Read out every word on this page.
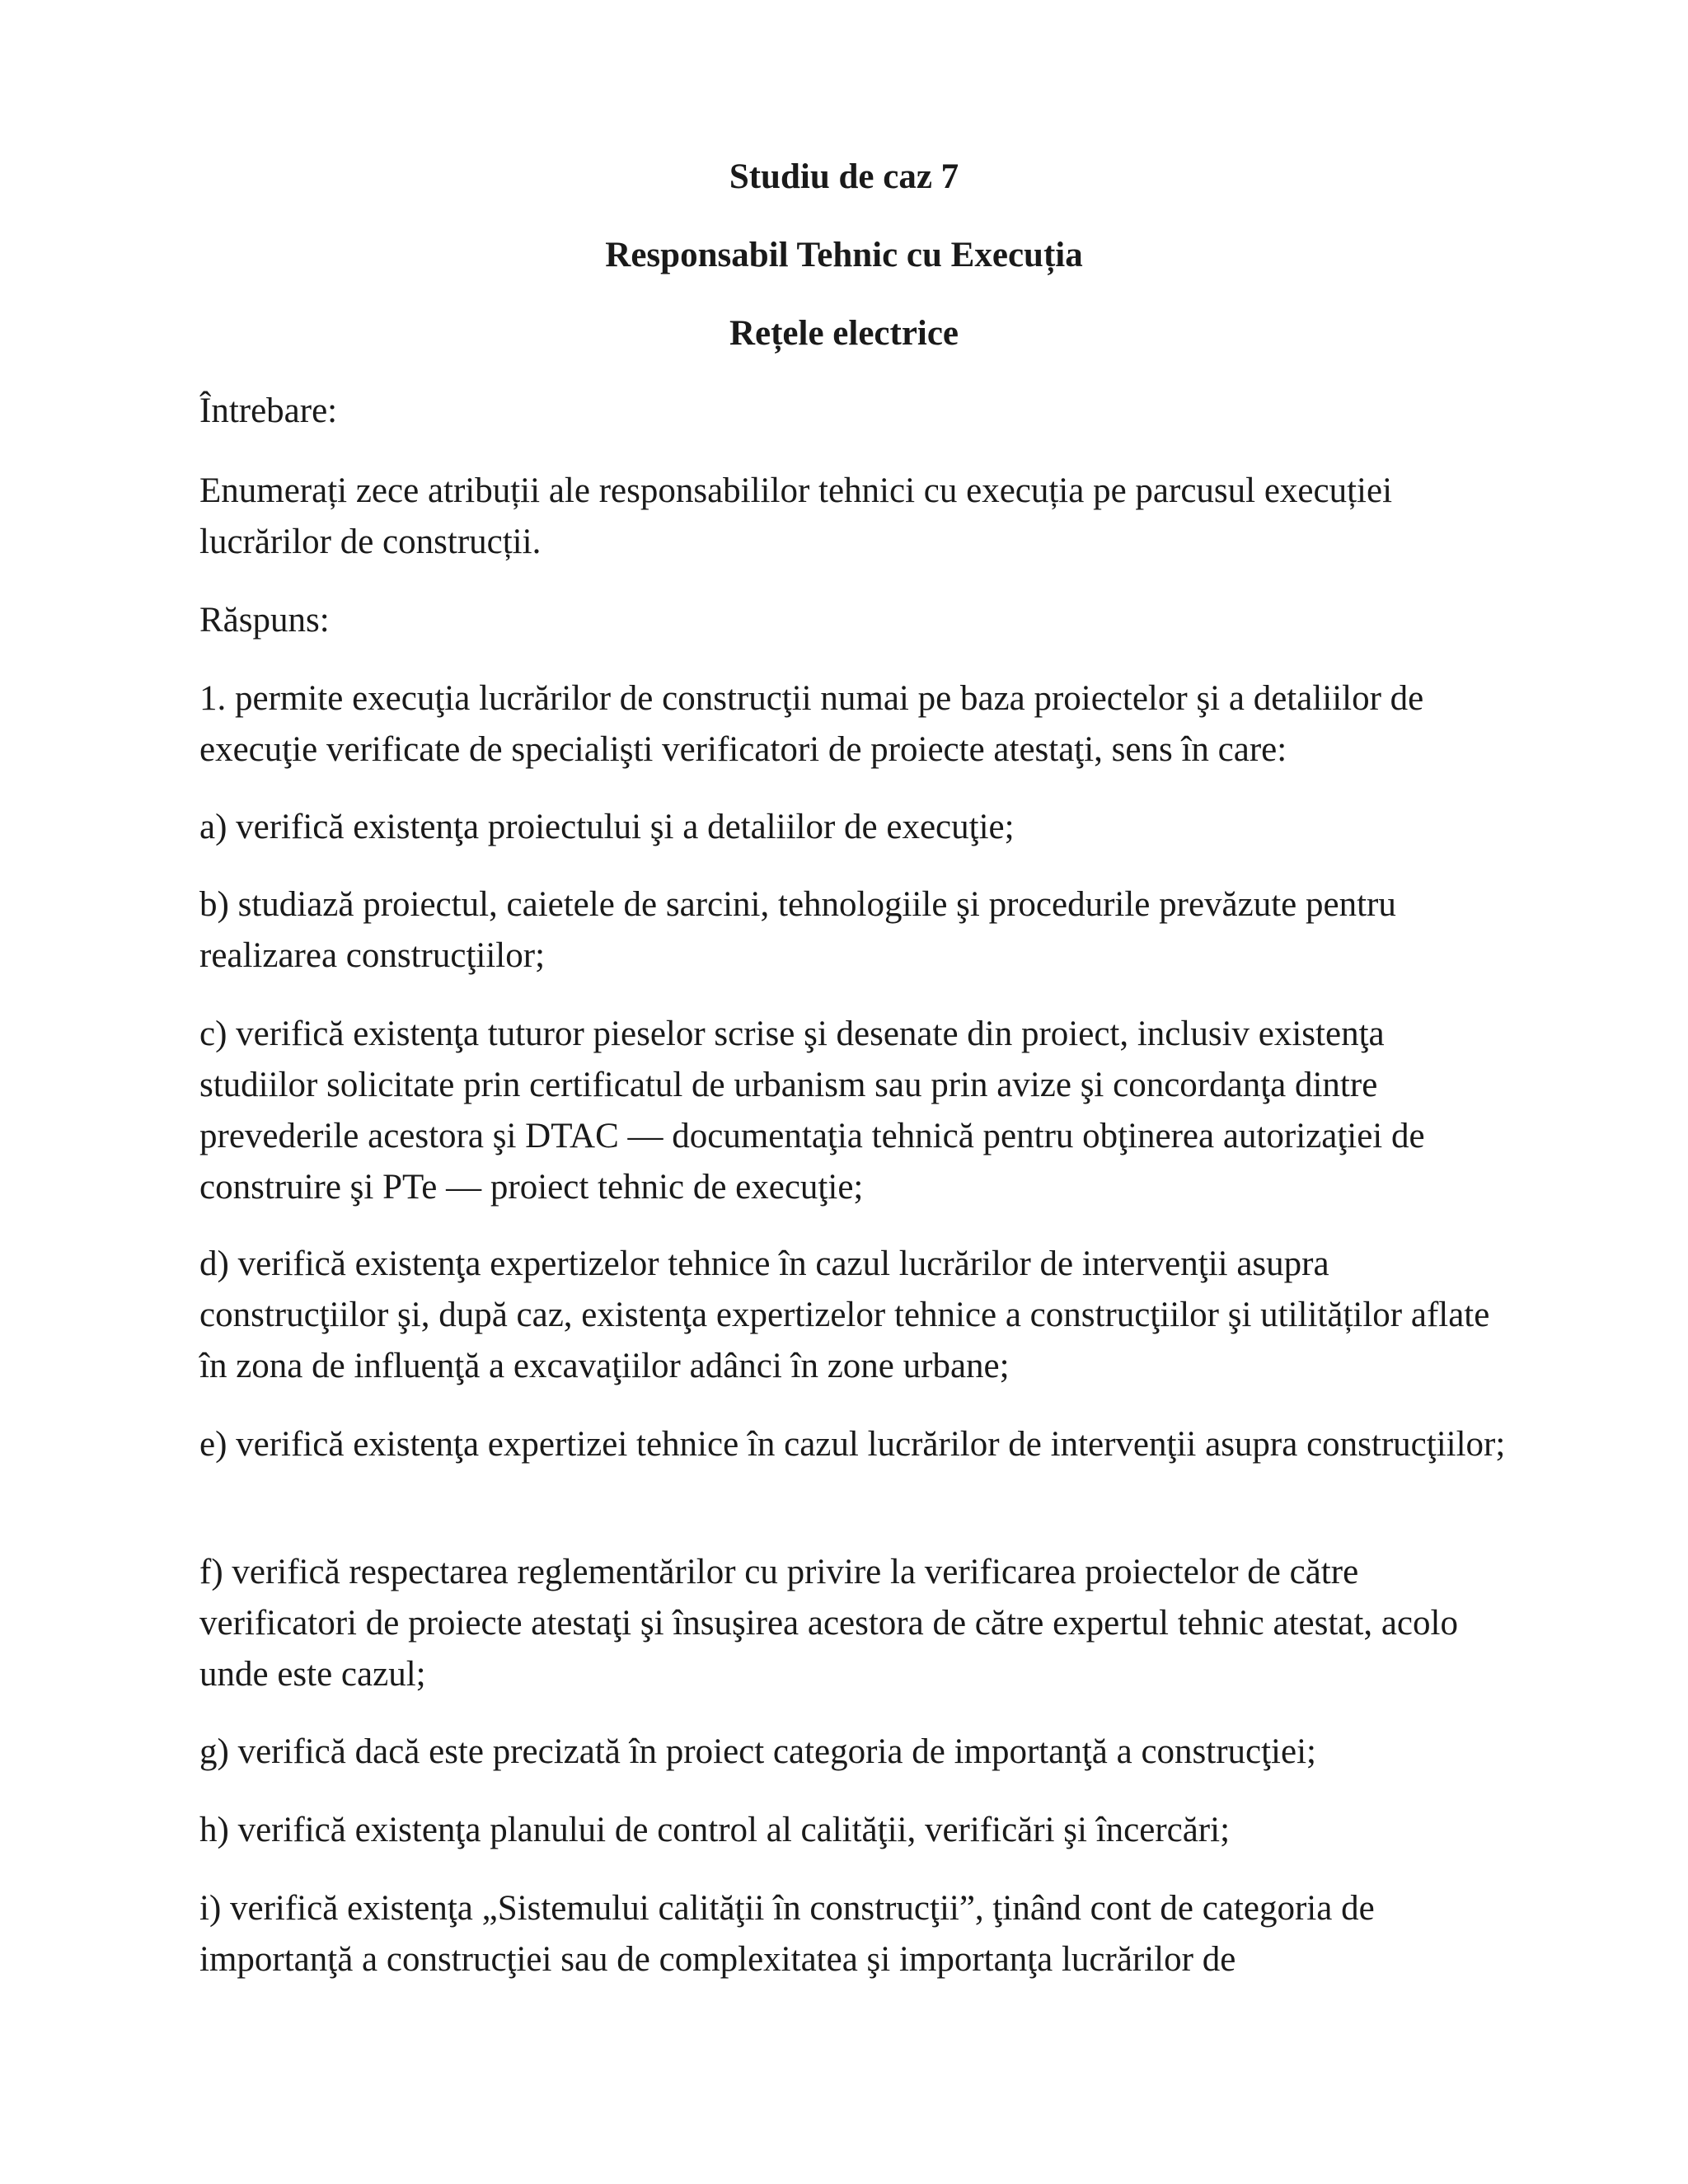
Studiu de caz 7
Responsabil Tehnic cu Execuția
Rețele electrice

Întrebare:

Enumerați zece atribuții ale responsabililor tehnici cu execuția pe parcusul execuției lucrărilor de construcții.

Răspuns:

1. permite execuţia lucrărilor de construcţii numai pe baza proiectelor şi a detaliilor de execuţie verificate de specialişti verificatori de proiecte atestaţi, sens în care:

a) verifică existenţa proiectului şi a detaliilor de execuţie;

b) studiază proiectul, caietele de sarcini, tehnologiile şi procedurile prevăzute pentru realizarea construcţiilor;

c) verifică existenţa tuturor pieselor scrise şi desenate din proiect, inclusiv existenţa studiilor solicitate prin certificatul de urbanism sau prin avize şi concordanţa dintre prevederile acestora şi DTAC — documentaţia tehnică pentru obţinerea autorizaţiei de construire şi PTe — proiect tehnic de execuţie;

d) verifică existenţa expertizelor tehnice în cazul lucrărilor de intervenţii asupra construcţiilor şi, după caz, existenţa expertizelor tehnice a construcţiilor şi utilităților aflate în zona de influenţă a excavaţiilor adânci în zone urbane;

e) verifică existenţa expertizei tehnice în cazul lucrărilor de intervenţii asupra construcţiilor;

f) verifică respectarea reglementărilor cu privire la verificarea proiectelor de către verificatori de proiecte atestaţi şi însuşirea acestora de către expertul tehnic atestat, acolo unde este cazul;

g) verifică dacă este precizată în proiect categoria de importanţă a construcţiei;

h) verifică existenţa planului de control al calităţii, verificări şi încercări;

i) verifică existenţa „Sistemului calităţii în construcţii”, ţinând cont de categoria de importanţă a construcţiei sau de complexitatea şi importanţa lucrărilor de
